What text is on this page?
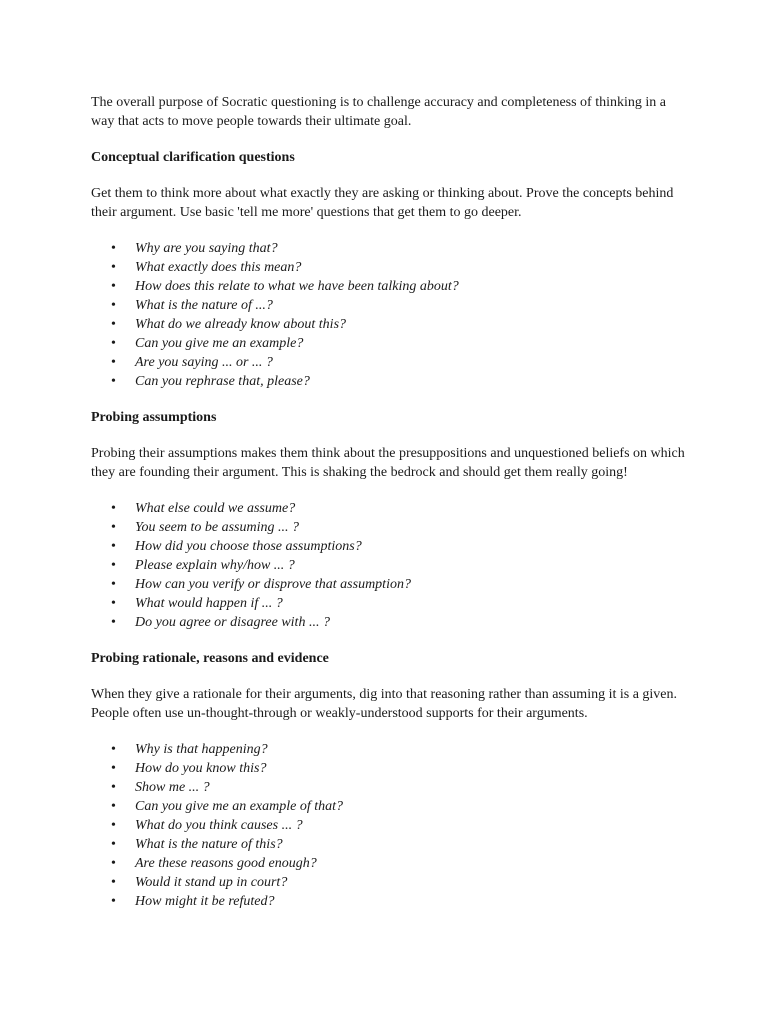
The overall purpose of Socratic questioning is to challenge accuracy and completeness of thinking in a way that acts to move people towards their ultimate goal.

Conceptual clarification questions

Get them to think more about what exactly they are asking or thinking about. Prove the concepts behind their argument. Use basic 'tell me more' questions that get them to go deeper.

• Why are you saying that?
• What exactly does this mean?
• How does this relate to what we have been talking about?
• What is the nature of ...?
• What do we already know about this?
• Can you give me an example?
• Are you saying ... or ... ?
• Can you rephrase that, please?
Probing assumptions

Probing their assumptions makes them think about the presuppositions and unquestioned beliefs on which they are founding their argument. This is shaking the bedrock and should get them really going!

• What else could we assume?
• You seem to be assuming ... ?
• How did you choose those assumptions?
• Please explain why/how ... ?
• How can you verify or disprove that assumption?
• What would happen if ... ?
• Do you agree or disagree with ... ?
Probing rationale, reasons and evidence

When they give a rationale for their arguments, dig into that reasoning rather than assuming it is a given. People often use un-thought-through or weakly-understood supports for their arguments.

• Why is that happening?
• How do you know this?
• Show me ... ?
• Can you give me an example of that?
• What do you think causes ... ?
• What is the nature of this?
• Are these reasons good enough?
• Would it stand up in court?
• How might it be refuted?
